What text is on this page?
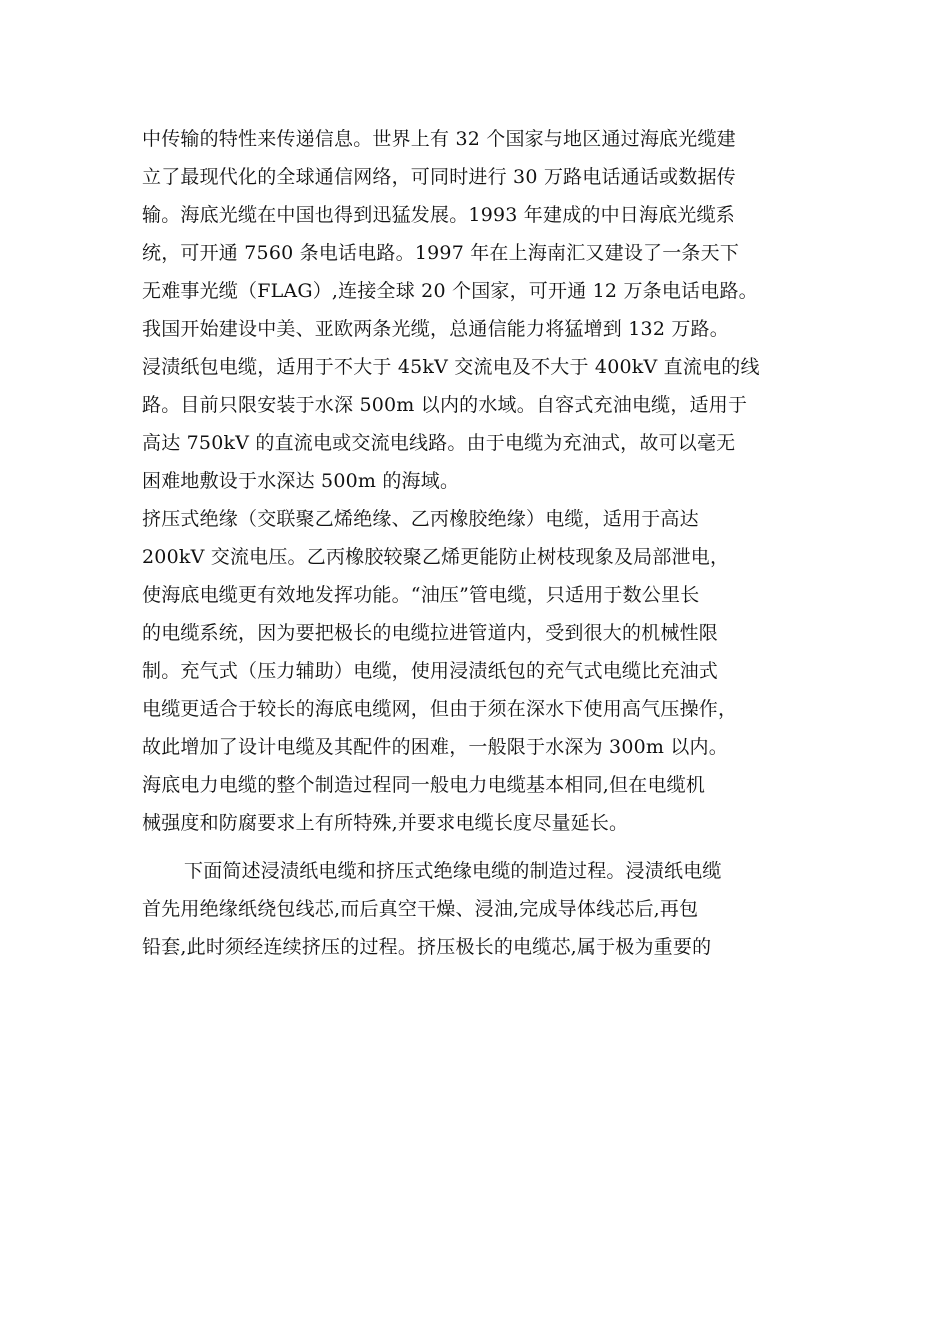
中传输的特性来传递信息。世界上有 32 个国家与地区通过海底光缆建
立了最现代化的全球通信网络，可同时进行 30 万路电话通话或数据传
输。海底光缆在中国也得到迅猛发展。1993 年建成的中日海底光缆系
统，可开通 7560 条电话电路。1997 年在上海南汇又建设了一条天下
无难事光缆（FLAG）,连接全球 20 个国家，可开通 12 万条电话电路。
我国开始建设中美、亚欧两条光缆，总通信能力将猛增到 132 万路。
浸渍纸包电缆，适用于不大于 45kV 交流电及不大于 400kV 直流电的线
路。目前只限安装于水深 500m 以内的水域。自容式充油电缆，适用于
高达 750kV 的直流电或交流电线路。由于电缆为充油式，故可以毫无
困难地敷设于水深达 500m 的海域。
挤压式绝缘（交联聚乙烯绝缘、乙丙橡胶绝缘）电缆，适用于高达
200kV 交流电压。乙丙橡胶较聚乙烯更能防止树枝现象及局部泄电，
使海底电缆更有效地发挥功能。“油压”管电缆，只适用于数公里长
的电缆系统，因为要把极长的电缆拉进管道内，受到很大的机械性限
制。充气式（压力辅助）电缆，使用浸渍纸包的充气式电缆比充油式
电缆更适合于较长的海底电缆网，但由于须在深水下使用高气压操作，
故此增加了设计电缆及其配件的困难，一般限于水深为 300m 以内。
海底电力电缆的整个制造过程同一般电力电缆基本相同,但在电缆机
械强度和防腐要求上有所特殊,并要求电缆长度尽量延长。
下面简述浸渍纸电缆和挤压式绝缘电缆的制造过程。浸渍纸电缆
首先用绝缘纸绕包线芯,而后真空干燥、浸油,完成导体线芯后,再包
铅套,此时须经连续挤压的过程。挤压极长的电缆芯,属于极为重要的
